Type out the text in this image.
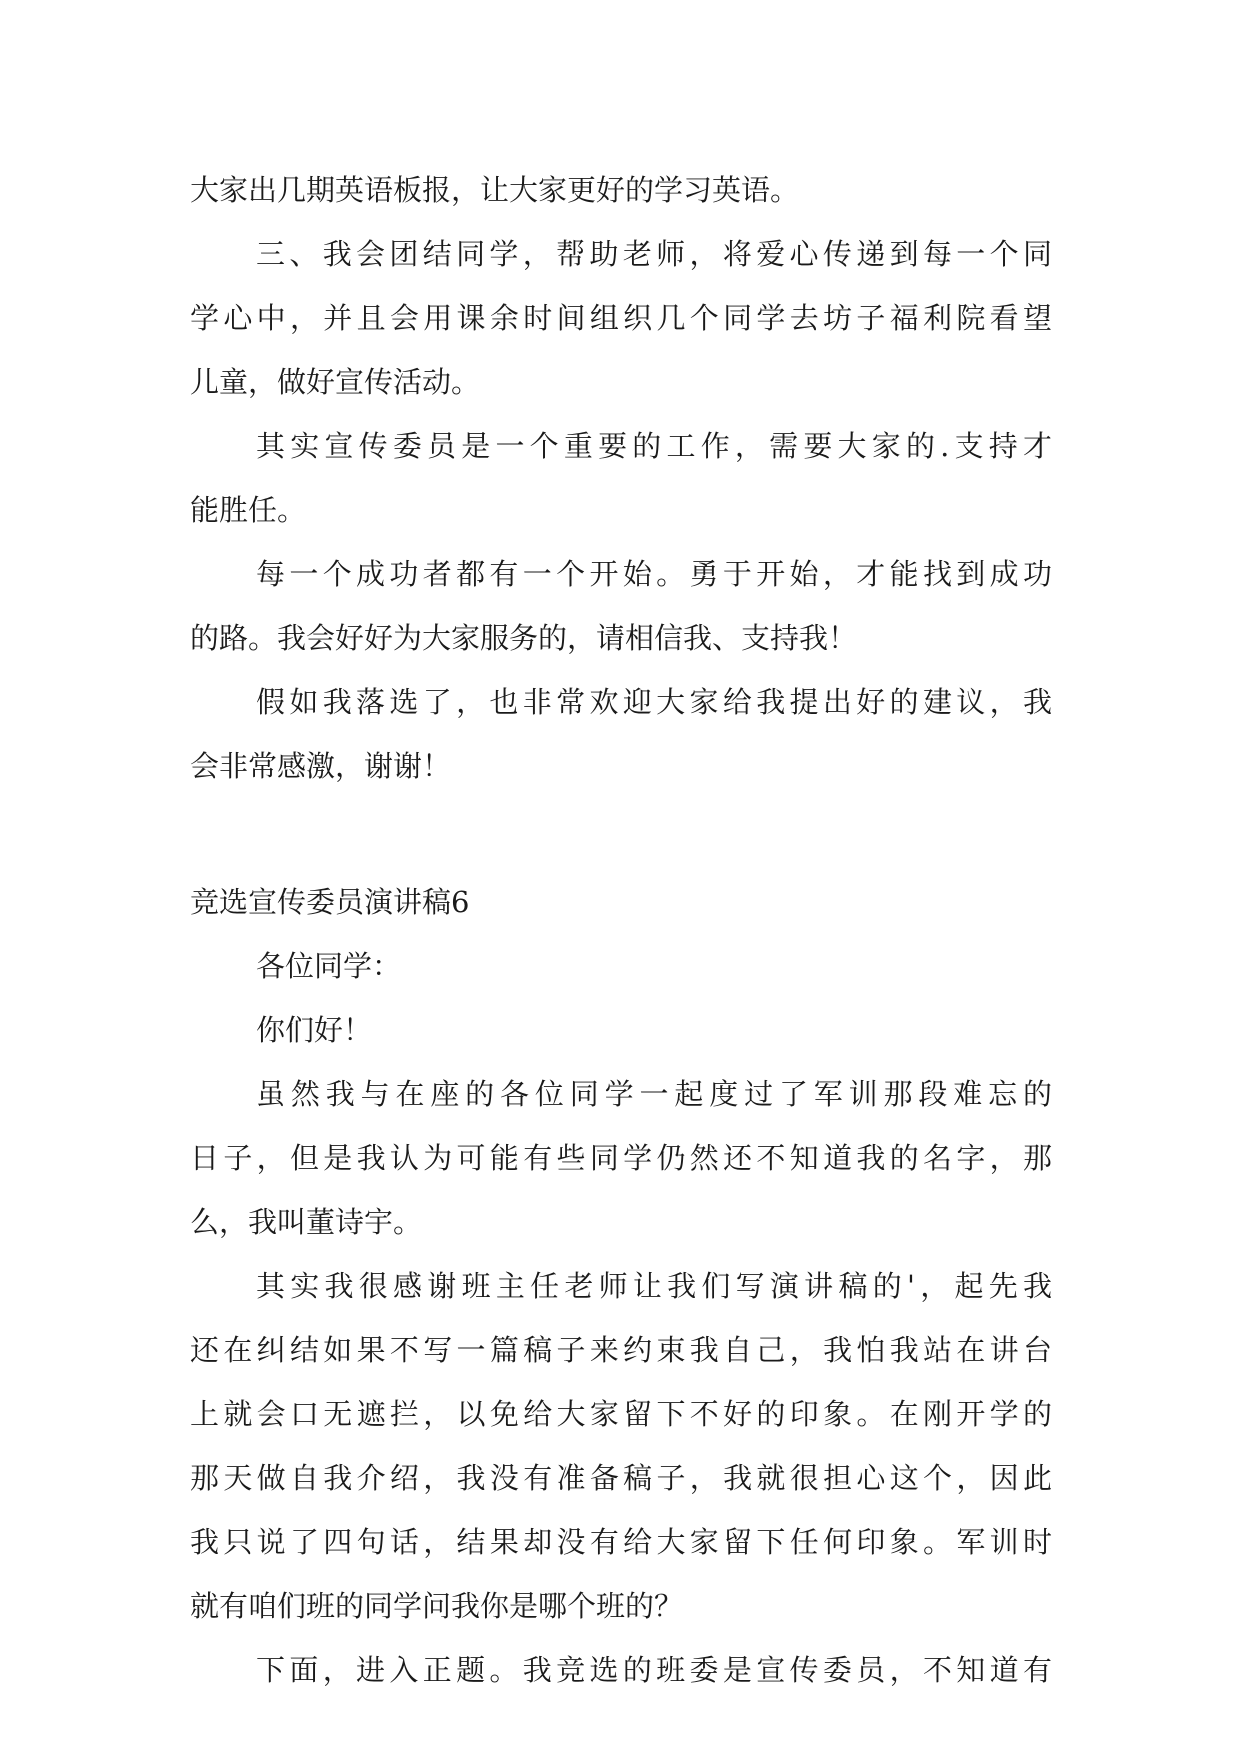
大家出几期英语板报，让大家更好的学习英语。
三、我会团结同学，帮助老师，将爱心传递到每一个同
学心中，并且会用课余时间组织几个同学去坊子福利院看望
儿童，做好宣传活动。
其实宣传委员是一个重要的工作，需要大家的.支持才
能胜任。
每一个成功者都有一个开始。勇于开始，才能找到成功
的路。我会好好为大家服务的，请相信我、支持我！
假如我落选了，也非常欢迎大家给我提出好的建议，我
会非常感激，谢谢！
竞选宣传委员演讲稿6
各位同学：
你们好！
虽然我与在座的各位同学一起度过了军训那段难忘的
日子，但是我认为可能有些同学仍然还不知道我的名字，那
么，我叫董诗宇。
其实我很感谢班主任老师让我们写演讲稿的'，起先我
还在纠结如果不写一篇稿子来约束我自己，我怕我站在讲台
上就会口无遮拦，以免给大家留下不好的印象。在刚开学的
那天做自我介绍，我没有准备稿子，我就很担心这个，因此
我只说了四句话，结果却没有给大家留下任何印象。军训时
就有咱们班的同学问我你是哪个班的？
下面，进入正题。我竞选的班委是宣传委员，不知道有
